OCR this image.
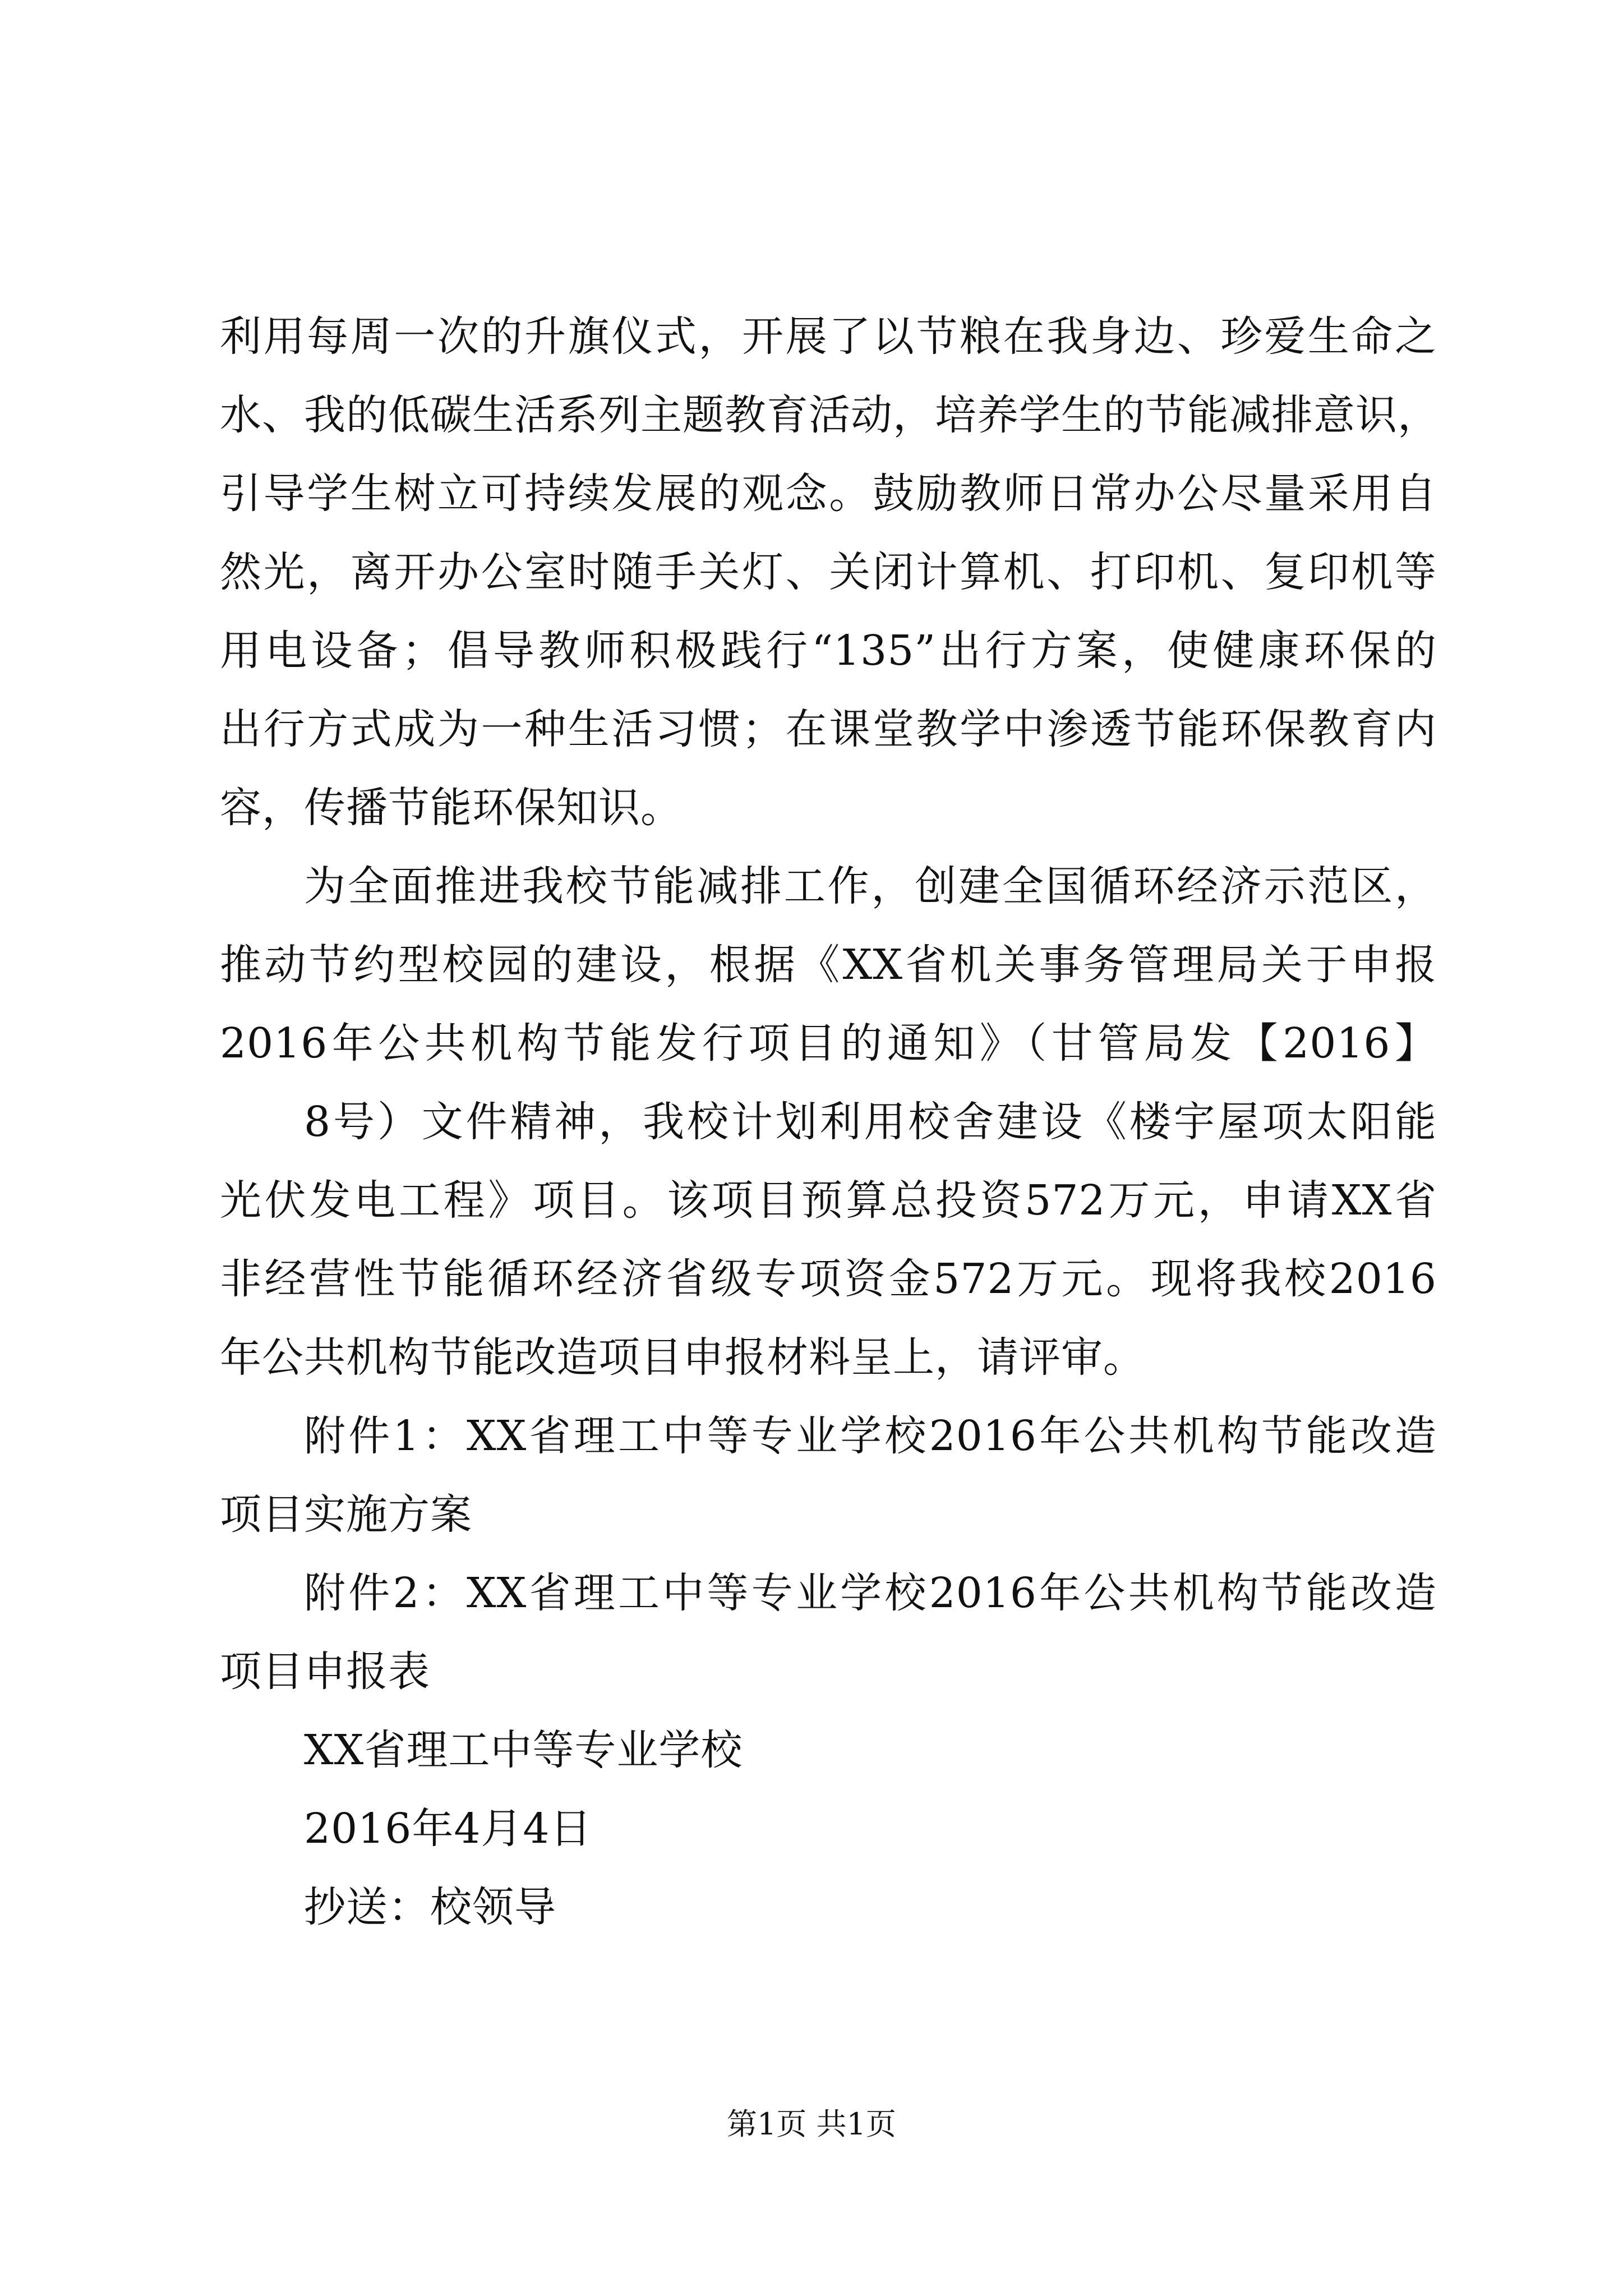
利用每周一次的升旗仪式，开展了以节粮在我身边、珍爱生命之
水、我的低碳生活系列主题教育活动，培养学生的节能减排意识，
引导学生树立可持续发展的观念。鼓励教师日常办公尽量采用自
然光，离开办公室时随手关灯、关闭计算机、打印机、复印机等
用电设备；倡导教师积极践行“135”出行方案，使健康环保的
出行方式成为一种生活习惯；在课堂教学中渗透节能环保教育内
容，传播节能环保知识。
为全面推进我校节能减排工作，创建全国循环经济示范区，
推动节约型校园的建设，根据《XX省机关事务管理局关于申报
2016年公共机构节能发行项目的通知》（甘管局发【2016】
8号）文件精神，我校计划利用校舍建设《楼宇屋项太阳能
光伏发电工程》项目。该项目预算总投资572万元，申请XX省
非经营性节能循环经济省级专项资金572万元。现将我校2016
年公共机构节能改造项目申报材料呈上，请评审。
附件1：XX省理工中等专业学校2016年公共机构节能改造
项目实施方案
附件2：XX省理工中等专业学校2016年公共机构节能改造
项目申报表
XX省理工中等专业学校
2016年4月4日
抄送：校领导
第1页 共1页
